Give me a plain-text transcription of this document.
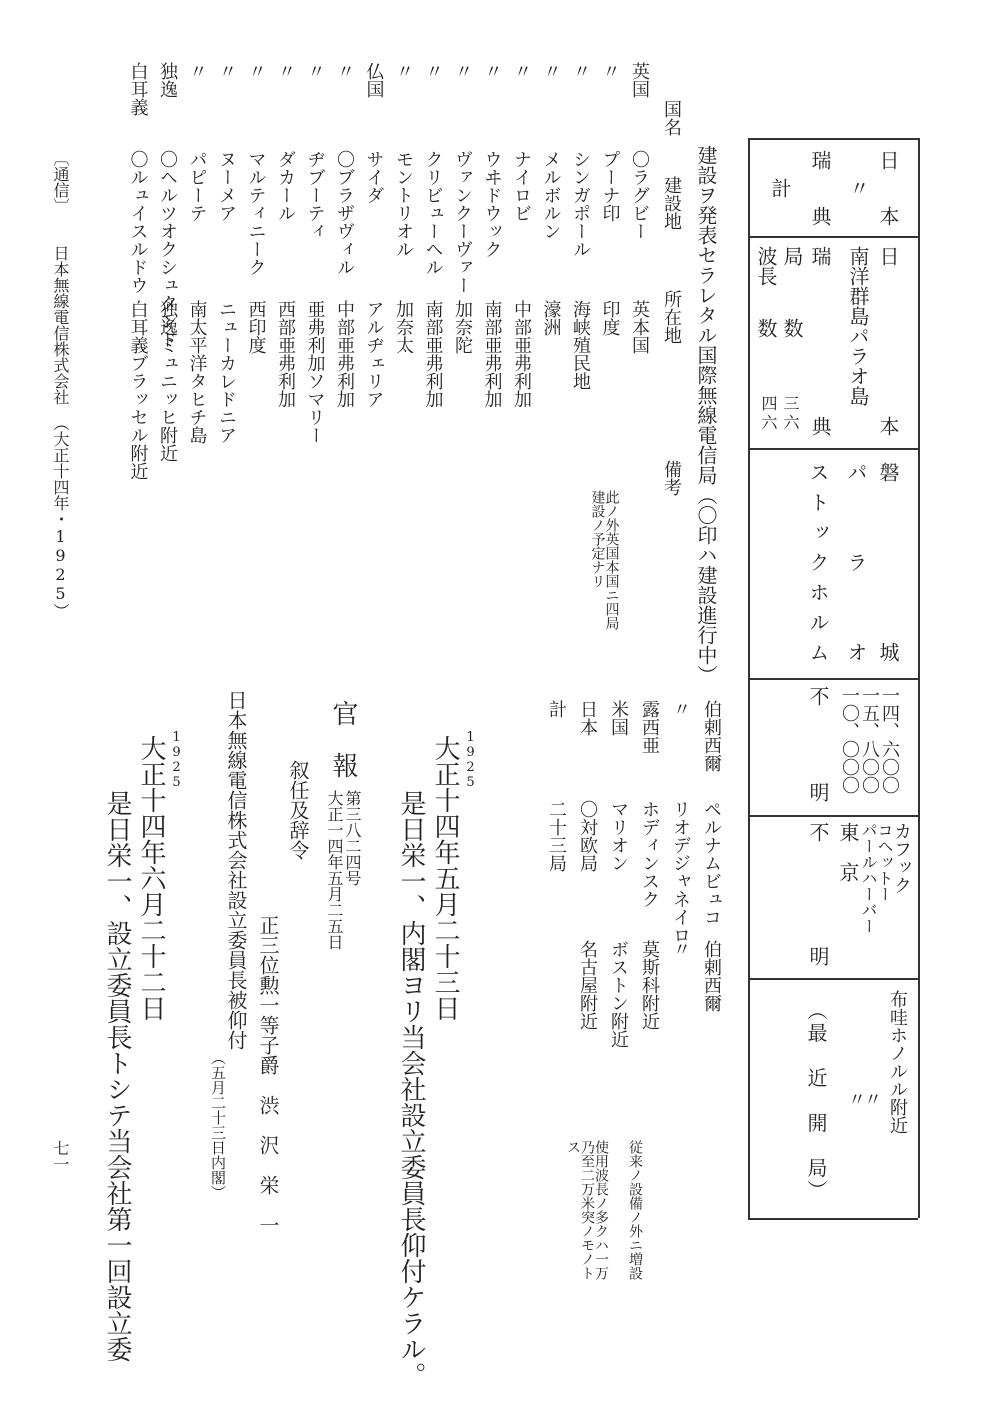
日
本
〃
瑞
典
計
日　本
南洋群島パラオ島
瑞　典
局
数
波長
数
三
六
四
六
磐　城
パ　ラ　オ
ストックホルム
一四、六〇〇
一五、八〇〇
一〇、〇〇〇
不　明
カフック
コヘットー
パールハーバー
東　京
不　明
布哇ホノルル附近
〃
〃
（最　近　開　局）
建設ヲ発表セラレタル国際無線電信局（〇印ハ建設進行中）
国名
建設地
所在地
備考
英国
〇ラグビー
英本国
〃
プーナ印
印度
此ノ外英国本国ニ四局建設ノ予定ナリ
〃
シンガポール
海峡殖民地
〃
メルボルン
濠洲
〃
ナイロビ
中部亜弗利加
〃
ウヰドウック
南部亜弗利加
〃
ヴァンクーヴァー
加奈陀
〃
クリビューヘル
南部亜弗利加
〃
モントリオル
加奈太
仏国
サイダ
アルヂェリア
〃
〇ブラザヴィル
中部亜弗利加
〃
ヂブーティ
亜弗利加ソマリー
〃
ダカール
西部亜弗利加
〃
マルティニーク
西印度
〃
ヌーメア
ニューカレドニア
〃
パピーテ
南太平洋タヒチ島
独逸
〇ヘルツオクシュタンド
独逸ミュニッヒ附近
白耳義
〇ルュイスルドウ
白耳義ブラッセル附近
伯剌西爾
ペルナムビュコ
伯剌西爾
〃
リオデジャネイロ
〃
露西亜
ホディンスク
莫斯科附近
従来ノ設備ノ外ニ増設
米国
マリオン
ボストン附近
日本
〇対欧局
名古屋附近
使用波長ノ多クハ一万乃至二万米突ノモノトス
計
二十三局
1925
大正十四年五月二十三日
是日栄一、内閣ヨリ当会社設立委員長仰付ケラル。
官　報
第三八二四号
大正一四年五月二五日
叙任及辞令
正三位勲一等子爵　渋　沢　栄　一
日本無線電信株式会社設立委員長被仰付
（五月二十三日内閣）
1925
大正十四年六月二十二日
是日栄一、設立委員長トシテ当会社第一回設立委
〔通信〕
日本無線電信株式会社
（大正十四年・1925）
七一
